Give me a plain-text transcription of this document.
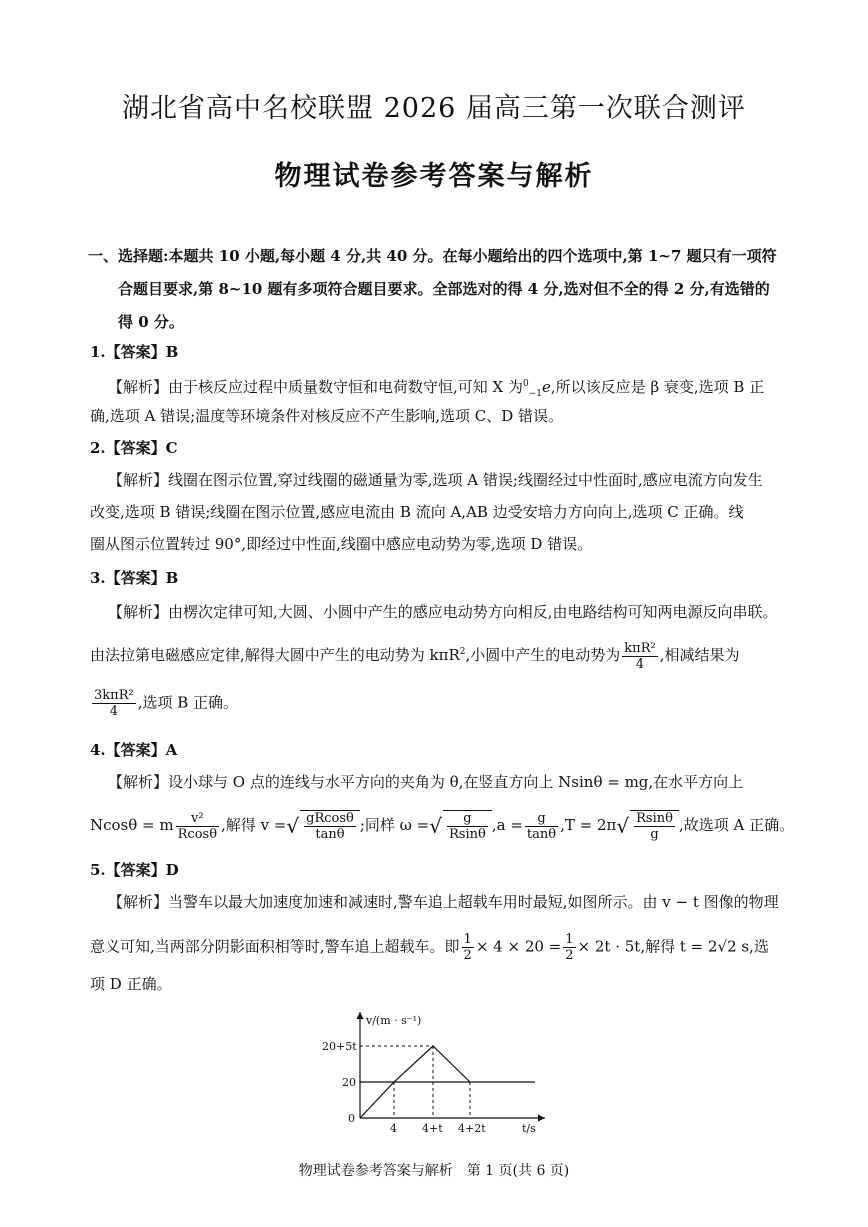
湖北省高中名校联盟 2026 届高三第一次联合测评
物理试卷参考答案与解析
一、选择题:本题共 10 小题,每小题 4 分,共 40 分。在每小题给出的四个选项中,第 1~7 题只有一项符

合题目要求,第 8~10 题有多项符合题目要求。全部选对的得 4 分,选对但不全的得 2 分,有选错的
得 0 分。
1.【答案】B
【解析】由于核反应过程中质量数守恒和电荷数守恒,可知 X 为$^0_{-1}$e,所以该反应是 β 衰变,选项 B 正
确,选项 A 错误;温度等环境条件对核反应不产生影响,选项 C、D 错误。
2.【答案】C
【解析】线圈在图示位置,穿过线圈的磁通量为零,选项 A 错误;线圈经过中性面时,感应电流方向发生
改变,选项 B 错误;线圈在图示位置,感应电流由 B 流向 A,AB 边受安培力方向向上,选项 C 正确。线
圈从图示位置转过 90°,即经过中性面,线圈中感应电动势为零,选项 D 错误。
3.【答案】B
【解析】由楞次定律可知,大圆、小圆中产生的感应电动势方向相反,由电路结构可知两电源反向串联。
由法拉第电磁感应定律,解得大圆中产生的电动势为 kπR$^2$,小圆中产生的电动势为 $\frac{\text{kπR²}}{4}$ ,相减结果为
$\frac{\text{3kπR²}}{4}$ ,选项 B 正确。
4.【答案】A
【解析】设小球与 O 点的连线与水平方向的夹角为 θ,在竖直方向上 Nsinθ = mg,在水平方向上
Ncosθ = m $\frac{\text{v²}}{Rcos\theta}$ ,解得 v =√ $\frac{gRcos\theta}{\tan\theta}$ ;同样 ω =√ $\frac{g}{Rsin\theta} ,a = \frac{g}{\tan\theta} ,T = 2\pi√ \frac{Rsin\theta}{g}$ ,故选项 A 正确。
5.【答案】D
【解析】当警车以最大加速度加速和减速时,警车追上超载车用时最短,如图所示。由 v − t 图像的物理
意义可知,当两部分阴影面积相等时,警车追上超载车。即 $\frac{1}{2} \times 4 \times 20 = \frac{1}{2} \times 2t \cdot 5t$,解得 t = 2√2 s,选
项 D 正确。
v/(m · s⁻¹)
t/s
0
20
20+5t
4 4+t 4+2t
物理试卷参考答案与解析　第 1 页(共 6 页)
